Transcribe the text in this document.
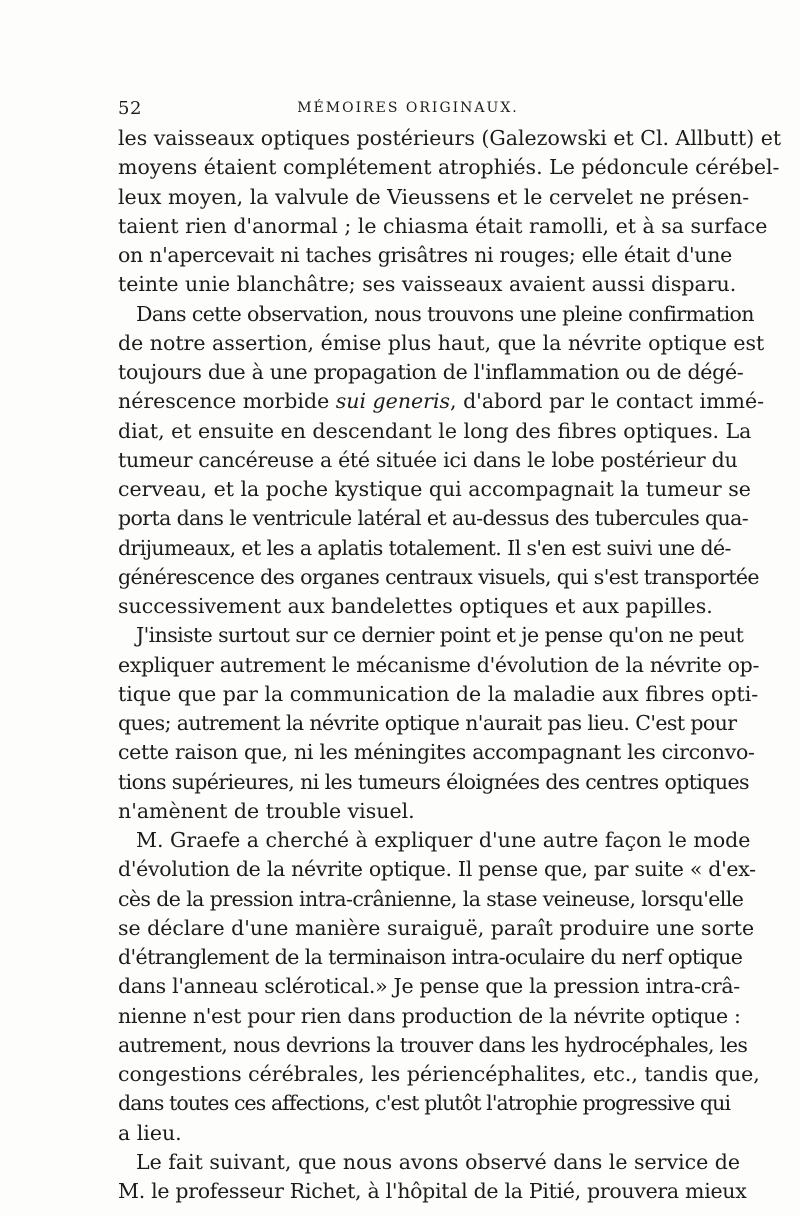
52	MÉMOIRES ORIGINAUX.
les vaisseaux optiques postérieurs (Galezowski et Cl. Allbutt) et
moyens étaient complétement atrophiés. Le pédoncule cérébel-
leux moyen, la valvule de Vieussens et le cervelet ne présen-
taient rien d'anormal ; le chiasma était ramolli, et à sa surface
on n'apercevait ni taches grisâtres ni rouges; elle était d'une
teinte unie blanchâtre; ses vaisseaux avaient aussi disparu.
Dans cette observation, nous trouvons une pleine confirmation
de notre assertion, émise plus haut, que la névrite optique est
toujours due à une propagation de l'inflammation ou de dégé-
nérescence morbide sui generis, d'abord par le contact immé-
diat, et ensuite en descendant le long des fibres optiques. La
tumeur cancéreuse a été située ici dans le lobe postérieur du
cerveau, et la poche kystique qui accompagnait la tumeur se
porta dans le ventricule latéral et au-dessus des tubercules qua-
drijumeaux, et les a aplatis totalement. Il s'en est suivi une dé-
générescence des organes centraux visuels, qui s'est transportée
successivement aux bandelettes optiques et aux papilles.
J'insiste surtout sur ce dernier point et je pense qu'on ne peut
expliquer autrement le mécanisme d'évolution de la névrite op-
tique que par la communication de la maladie aux fibres opti-
ques; autrement la névrite optique n'aurait pas lieu. C'est pour
cette raison que, ni les méningites accompagnant les circonvo-
tions supérieures, ni les tumeurs éloignées des centres optiques
n'amènent de trouble visuel.
M. Graefe a cherché à expliquer d'une autre façon le mode
d'évolution de la névrite optique. Il pense que, par suite « d'ex-
cès de la pression intra-crânienne, la stase veineuse, lorsqu'elle
se déclare d'une manière suraiguë, paraît produire une sorte
d'étranglement de la terminaison intra-oculaire du nerf optique
dans l'anneau sclérotical.» Je pense que la pression intra-crâ-
nienne n'est pour rien dans production de la névrite optique :
autrement, nous devrions la trouver dans les hydrocéphales, les
congestions cérébrales, les périencéphalites, etc., tandis que,
dans toutes ces affections, c'est plutôt l'atrophie progressive qui
a lieu.
Le fait suivant, que nous avons observé dans le service de
M. le professeur Richet, à l'hôpital de la Pitié, prouvera mieux
